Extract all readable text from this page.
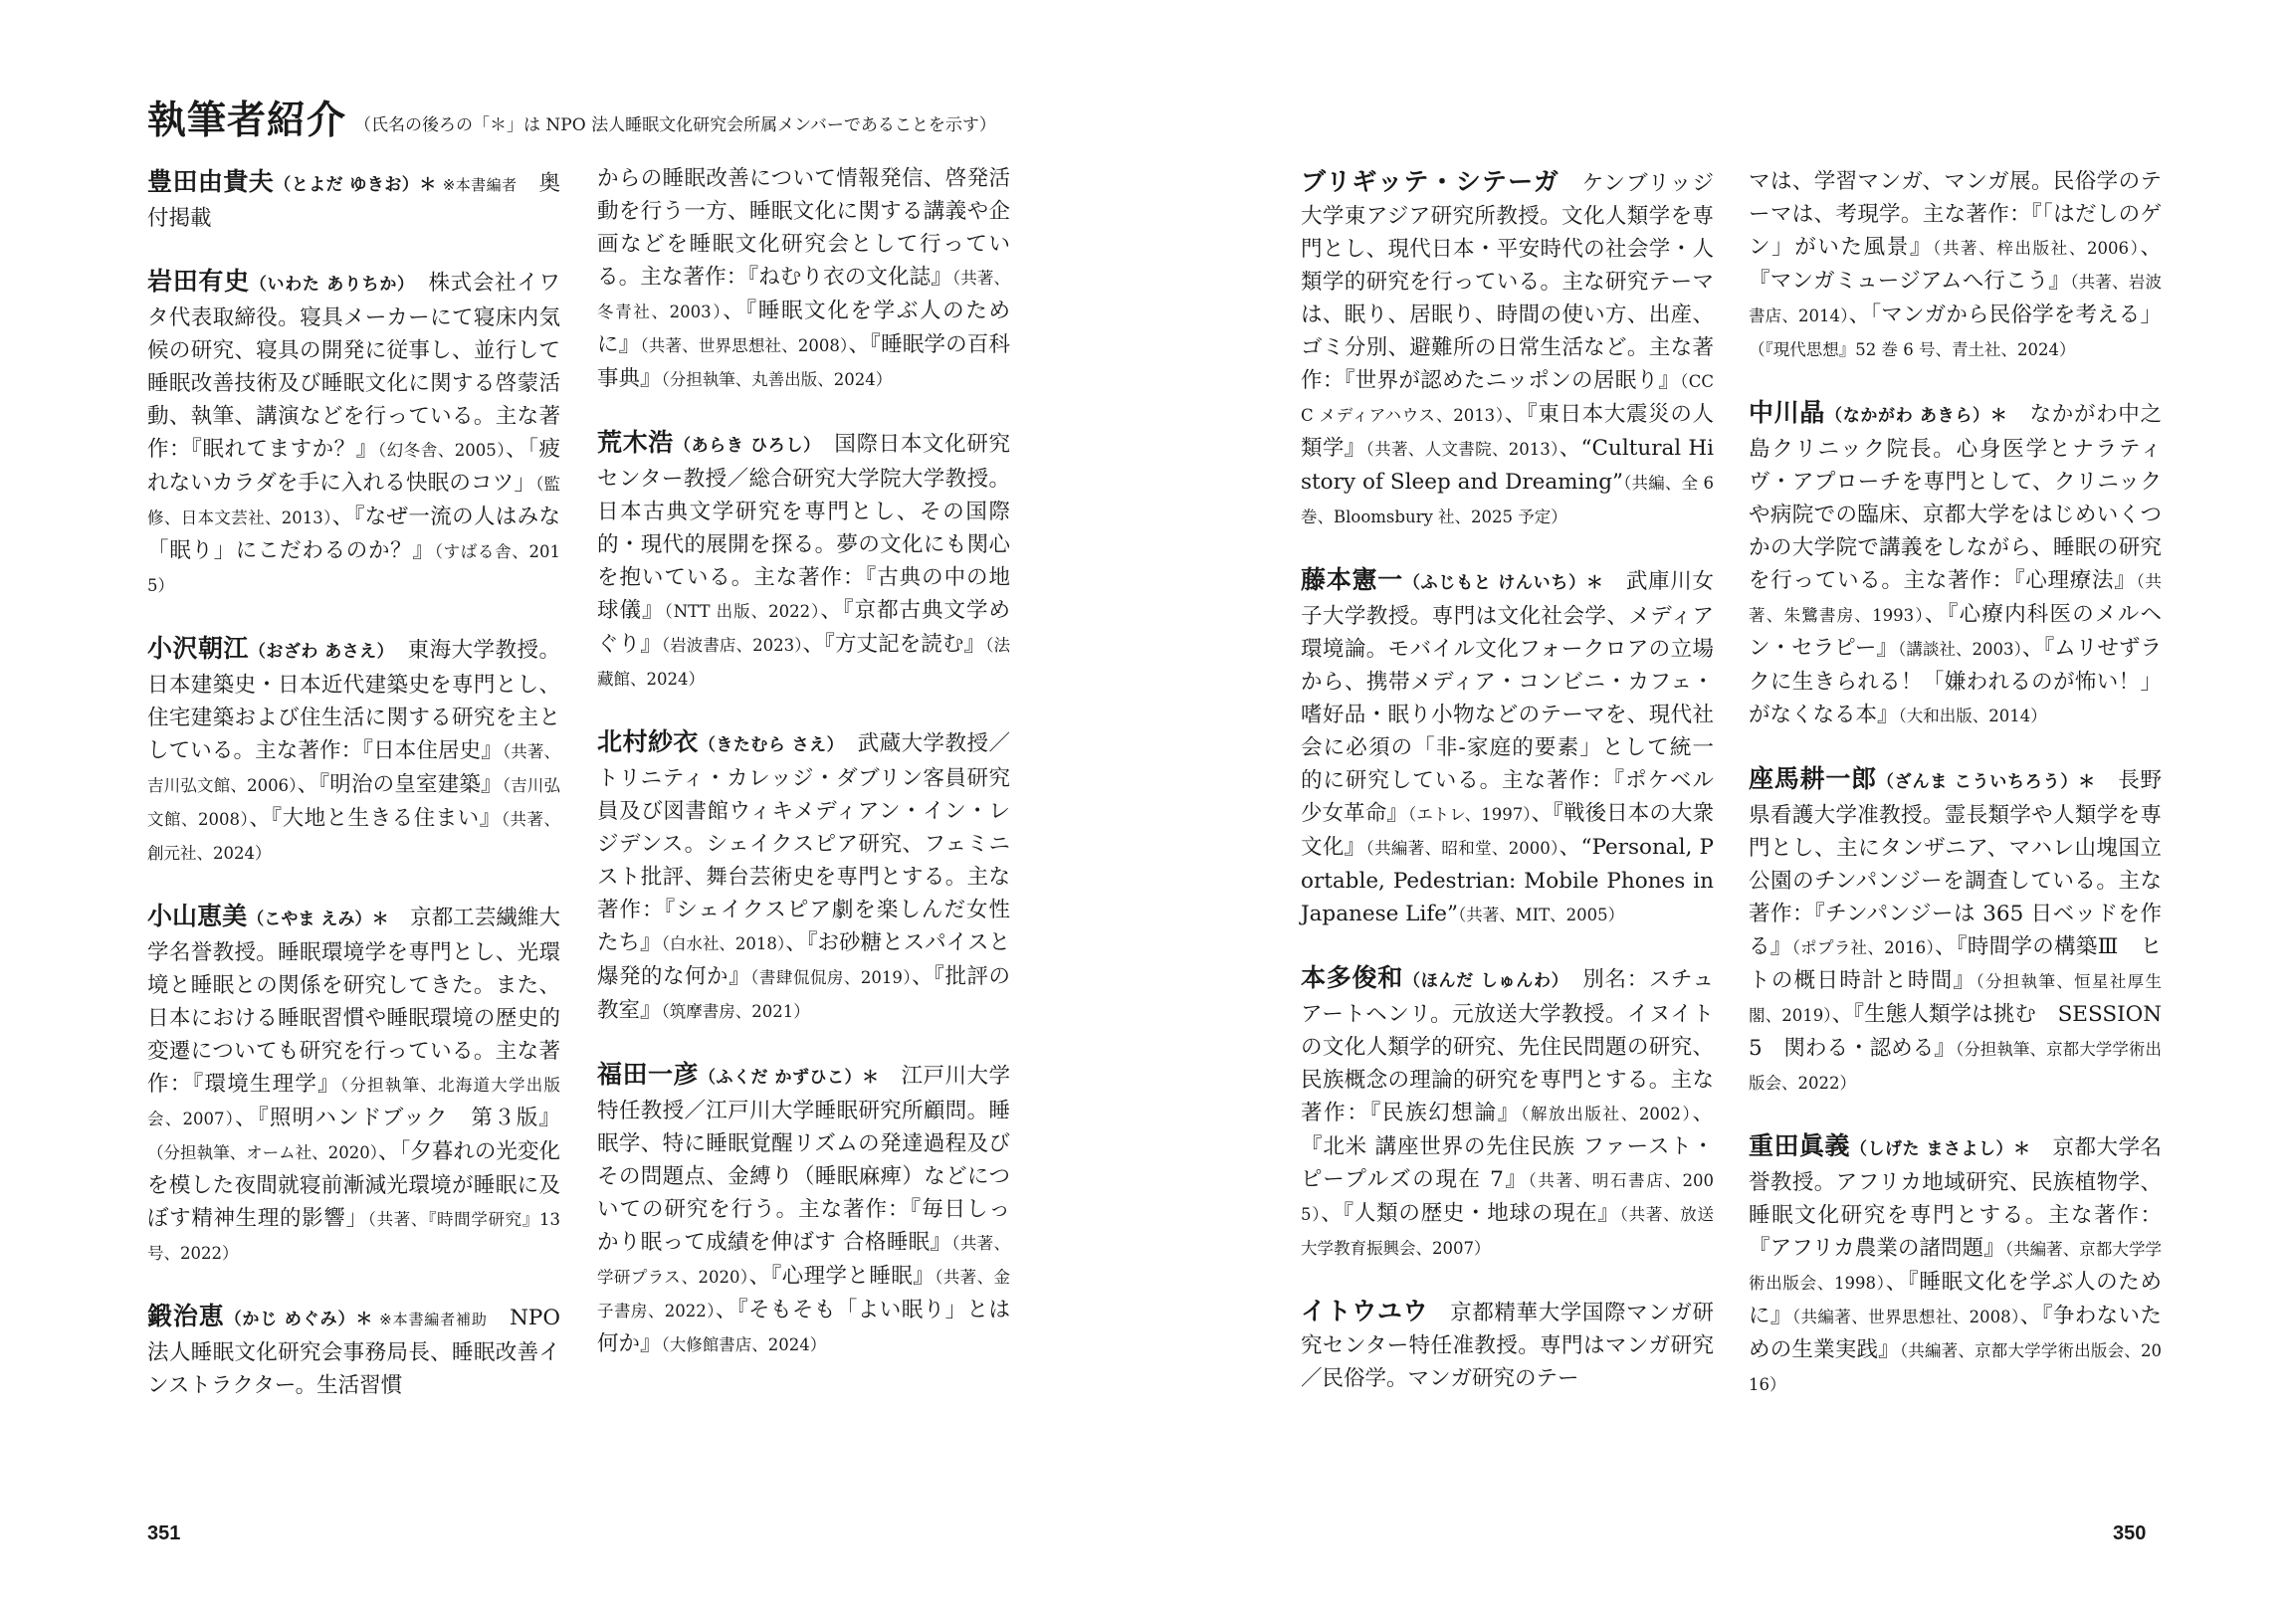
執筆者紹介 （氏名の後ろの「＊」は NPO 法人睡眠文化研究会所属メンバーであることを示す）

豊田由貴夫（とよだ ゆきお）＊ ※本書編者　 奥付掲載

岩田有史（いわた ありちか）　 株式会社イワタ代表取締役。寝具メーカーにて寝床内気候の研究、寝具の開発に従事し、並行して睡眠改善技術及び睡眠文化に関する啓蒙活動、執筆、講演などを行っている。主な著作：『眠れてますか？』（幻冬舎、2005）、「疲れないカラダを手に入れる快眠のコツ」（監修、日本文芸社、2013）、『なぜ一流の人はみな「眠り」にこだわるのか？』（すばる舎、2015）

小沢朝江（おざわ あさえ）　 東海大学教授。日本建築史・日本近代建築史を専門とし、住宅建築および住生活に関する研究を主としている。主な著作：『日本住居史』（共著、吉川弘文館、2006）、『明治の皇室建築』（吉川弘文館、2008）、『大地と生きる住まい』（共著、創元社、2024）

小山恵美（こやま えみ）＊　 京都工芸繊維大学名誉教授。睡眠環境学を専門とし、光環境と睡眠との関係を研究してきた。また、日本における睡眠習慣や睡眠環境の歴史的変遷についても研究を行っている。主な著作：『環境生理学』（分担執筆、北海道大学出版会、2007）、『照明ハンドブック　第３版』（分担執筆、オーム社、2020）、「夕暮れの光変化を模した夜間就寝前漸減光環境が睡眠に及ぼす精神生理的影響」（共著、『時間学研究』13 号、2022）

鍛治恵（かじ めぐみ）＊ ※本書編者補助　 NPO 法人睡眠文化研究会事務局長、睡眠改善インストラクター。生活習慣

からの睡眠改善について情報発信、啓発活動を行う一方、睡眠文化に関する講義や企画などを睡眠文化研究会として行っている。主な著作：『ねむり衣の文化誌』（共著、冬青社、2003）、『睡眠文化を学ぶ人のために』（共著、世界思想社、2008）、『睡眠学の百科事典』（分担執筆、丸善出版、2024）

荒木浩（あらき ひろし）　 国際日本文化研究センター教授／総合研究大学院大学教授。日本古典文学研究を専門とし、その国際的・現代的展開を探る。夢の文化にも関心を抱いている。主な著作：『古典の中の地球儀』（NTT 出版、2022）、『京都古典文学めぐり』（岩波書店、2023）、『方丈記を読む』（法藏館、2024）

北村紗衣（きたむら さえ）　 武蔵大学教授／トリニティ・カレッジ・ダブリン客員研究員及び図書館ウィキメディアン・イン・レジデンス。シェイクスピア研究、フェミニスト批評、舞台芸術史を専門とする。主な著作：『シェイクスピア劇を楽しんだ女性たち』（白水社、2018）、『お砂糖とスパイスと爆発的な何か』（書肆侃侃房、2019）、『批評の教室』（筑摩書房、2021）

福田一彦（ふくだ かずひこ）＊　 江戸川大学特任教授／江戸川大学睡眠研究所顧問。睡眠学、特に睡眠覚醒リズムの発達過程及びその問題点、金縛り（睡眠麻痺）などについての研究を行う。主な著作：『毎日しっかり眠って成績を伸ばす 合格睡眠』（共著、学研プラス、2020）、『心理学と睡眠』（共著、金子書房、2022）、『そもそも「よい眠り」とは何か』（大修館書店、2024）

ブリギッテ・シテーガ　 ケンブリッジ大学東アジア研究所教授。文化人類学を専門とし、現代日本・平安時代の社会学・人類学的研究を行っている。主な研究テーマは、眠り、居眠り、時間の使い方、出産、ゴミ分別、避難所の日常生活など。主な著作：『世界が認めたニッポンの居眠り』（CCC メディアハウス、2013）、『東日本大震災の人類学』（共著、人文書院、2013）、“Cultural History of Sleep and Dreaming”（共編、全 6 巻、Bloomsbury 社、2025 予定）

藤本憲一（ふじもと けんいち）＊　 武庫川女子大学教授。専門は文化社会学、メディア環境論。モバイル文化フォークロアの立場から、携帯メディア・コンビニ・カフェ・嗜好品・眠り小物などのテーマを、現代社会に必須の「非‐家庭的要素」として統一的に研究している。主な著作：『ポケベル少女革命』（エトレ、1997）、『戦後日本の大衆文化』（共編著、昭和堂、2000）、“Personal, Portable, Pedestrian: Mobile Phones in Japanese Life”（共著、MIT、2005）

本多俊和（ほんだ しゅんわ）　 別名：スチュアートヘンリ。元放送大学教授。イヌイトの文化人類学的研究、先住民問題の研究、民族概念の理論的研究を専門とする。主な著作：『民族幻想論』（解放出版社、2002）、『北米 講座世界の先住民族 ファースト・ピープルズの現在 7』（共著、明石書店、2005）、『人類の歴史・地球の現在』（共著、放送大学教育振興会、2007）

イトウユウ　 京都精華大学国際マンガ研究センター特任准教授。専門はマンガ研究／民俗学。マンガ研究のテー

マは、学習マンガ、マンガ展。民俗学のテーマは、考現学。主な著作：『「はだしのゲン」がいた風景』（共著、梓出版社、2006）、『マンガミュージアムへ行こう』（共著、岩波書店、2014）、「マンガから民俗学を考える」（『現代思想』52 巻 6 号、青土社、2024）

中川晶（なかがわ あきら）＊　 なかがわ中之島クリニック院長。心身医学とナラティヴ・アプローチを専門として、クリニックや病院での臨床、京都大学をはじめいくつかの大学院で講義をしながら、睡眠の研究を行っている。主な著作：『心理療法』（共著、朱鷺書房、1993）、『心療内科医のメルヘン・セラピー』（講談社、2003）、『ムリせずラクに生きられる！「嫌われるのが怖い！」がなくなる本』（大和出版、2014）

座馬耕一郎（ざんま こういちろう）＊　 長野県看護大学准教授。霊長類学や人類学を専門とし、主にタンザニア、マハレ山塊国立公園のチンパンジーを調査している。主な著作：『チンパンジーは 365 日ベッドを作る』（ポプラ社、2016）、『時間学の構築Ⅲ　ヒトの概日時計と時間』（分担執筆、恒星社厚生閣、2019）、『生態人類学は挑む　SESSION 5　関わる・認める』（分担執筆、京都大学学術出版会、2022）

重田眞義（しげた まさよし）＊　 京都大学名誉教授。アフリカ地域研究、民族植物学、睡眠文化研究を専門とする。主な著作：『アフリカ農業の諸問題』（共編著、京都大学学術出版会、1998）、『睡眠文化を学ぶ人のために』（共編著、世界思想社、2008）、『争わないための生業実践』（共編著、京都大学学術出版会、2016）

351	350
